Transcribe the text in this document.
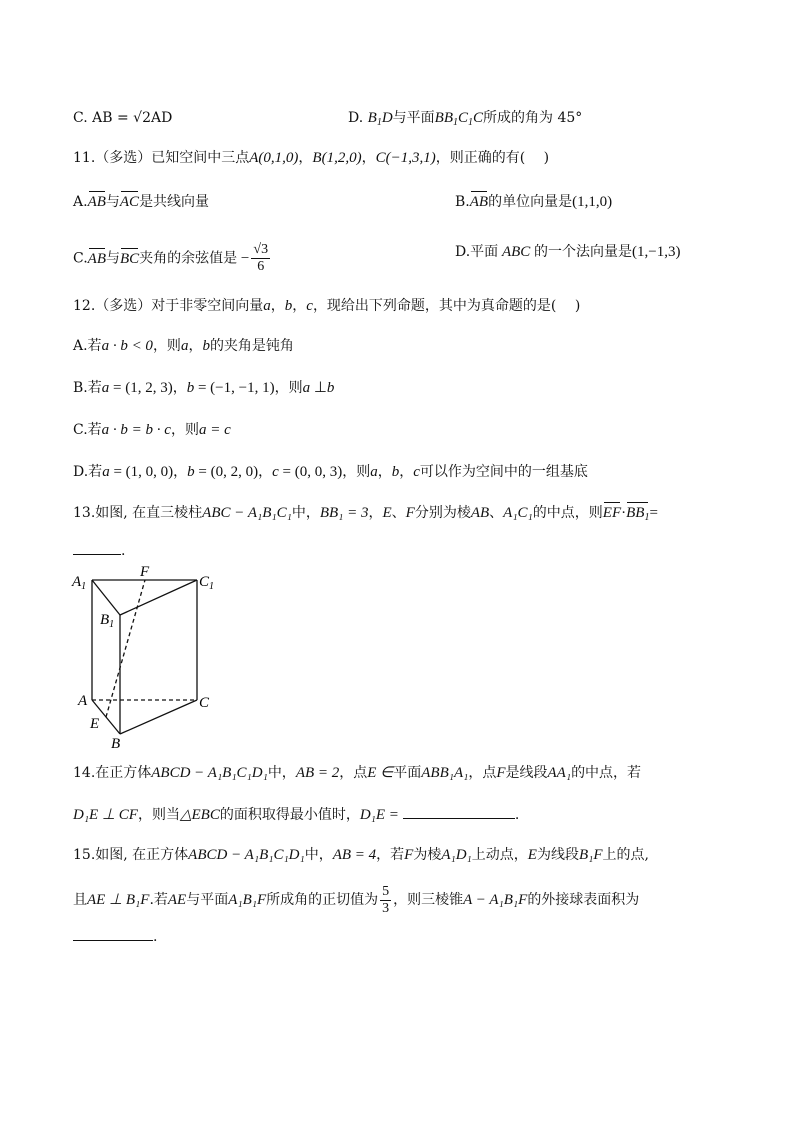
C. AB = √2AD	D. $B_1D$与平面$BB_1C_1C$所成的角为 45°
11.（多选）已知空间中三点A(0,1,0)，B(1,2,0)，C(−1,3,1)，则正确的有(　 )
A.AB与AC是共线向量	B.AB的单位向量是(1,1,0)
C.AB与BC夹角的余弦值是 − $\frac{√3}{6}$	D.平面 ABC 的一个法向量是(1,−1,3)
12.（多选）对于非零空间向量a，b，c，现给出下列命题，其中为真命题的是(　 )
A.若a · b < 0，则a，b的夹角是钝角
B.若a = (1, 2, 3)，b = (−1, −1, 1)，则a ⊥b
C.若a · b = b · c，则a = c
D.若a = (1, 0, 0)，b = (0, 2, 0)，c = (0, 0, 3)，则a，b，c可以作为空间中的一组基底
13.如图, 在直三棱柱ABC − A₁B₁C₁中，BB₁ = 3，E、F分别为棱AB、A₁C₁的中点，则$EF\cdot BB_1=$
.
$A_1$
F
$C_1$
$B_1$
A	C
E
B
14.在正方体ABCD − A₁B₁C₁D₁中，AB = 2，点E ∈平面ABB₁A₁，点F是线段AA₁的中点，若
D₁E ⊥ CF，则当△EBC的面积取得最小值时，D₁E =	.
15.如图, 在正方体ABCD − A₁B₁C₁D₁中，AB = 4，若F为棱A₁D₁上动点，E为线段B₁F上的点,
且AE ⊥ B₁F.若AE与平面A₁B₁F所成角的正切值为 $\frac{5}{3}$ ，则三棱锥A − A₁B₁F的外接球表面积为
.
